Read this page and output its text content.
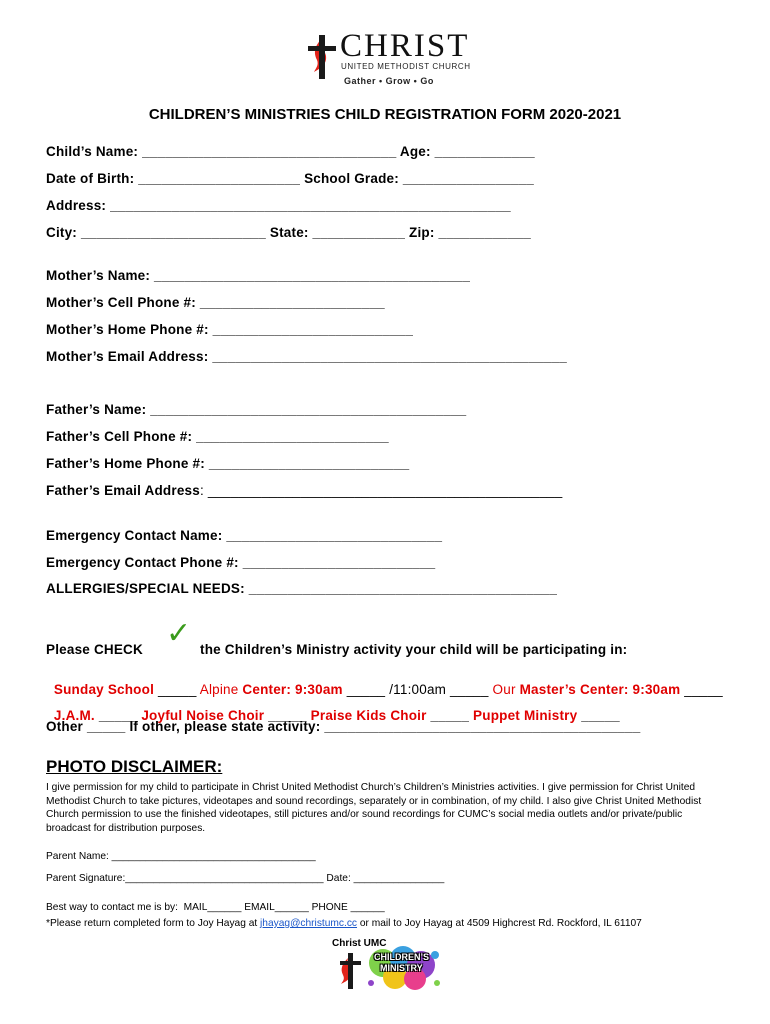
CHRIST
UNITED METHODIST CHURCH
Gather • Grow • Go
CHILDREN’S MINISTRIES CHILD REGISTRATION FORM 2020-2021
Child’s Name: _________________________________ Age: _____________
Date of Birth: _____________________ School Grade: _________________
Address: ____________________________________________________
City: ________________________ State: ____________ Zip: ____________
Mother’s Name: _________________________________________
Mother’s Cell Phone #: ________________________
Mother’s Home Phone #: __________________________
Mother’s Email Address: ______________________________________________
Father’s Name: _________________________________________
Father’s Cell Phone #: _________________________
Father’s Home Phone #: __________________________
Father’s Email Address: ______________________________________________
Emergency Contact Name: ____________________________
Emergency Contact Phone #: _________________________
ALLERGIES/SPECIAL NEEDS: ________________________________________
Please CHECK ✓ the Children’s Ministry activity your child will be participating in:

Sunday School _____ Alpine Center: 9:30am _____ /11:00am _____ Our Master’s Center: 9:30am _____

J.A.M. _____ Joyful Noise Choir _____ Praise Kids Choir _____ Puppet Ministry _____

Other _____ If other, please state activity: _________________________________________
PHOTO DISCLAIMER:
I give permission for my child to participate in Christ United Methodist Church’s Children’s Ministries activities. I give permission for Christ United Methodist Church to take pictures, videotapes and sound recordings, separately or in combination, of my child. I also give Christ United Methodist Church permission to use the finished videotapes, still pictures and/or sound recordings for CUMC’s social media outlets and/or private/public broadcast for distribution purposes.
Parent Name: ____________________________________
Parent Signature:___________________________________ Date: ________________
Best way to contact me is by:  MAIL______ EMAIL______ PHONE ______
*Please return completed form to Joy Hayag at jhayag@christumc.cc or mail to Joy Hayag at 4509 Highcrest Rd. Rockford, IL 61107
Christ UMC
CHILDREN’S
MINISTRY
